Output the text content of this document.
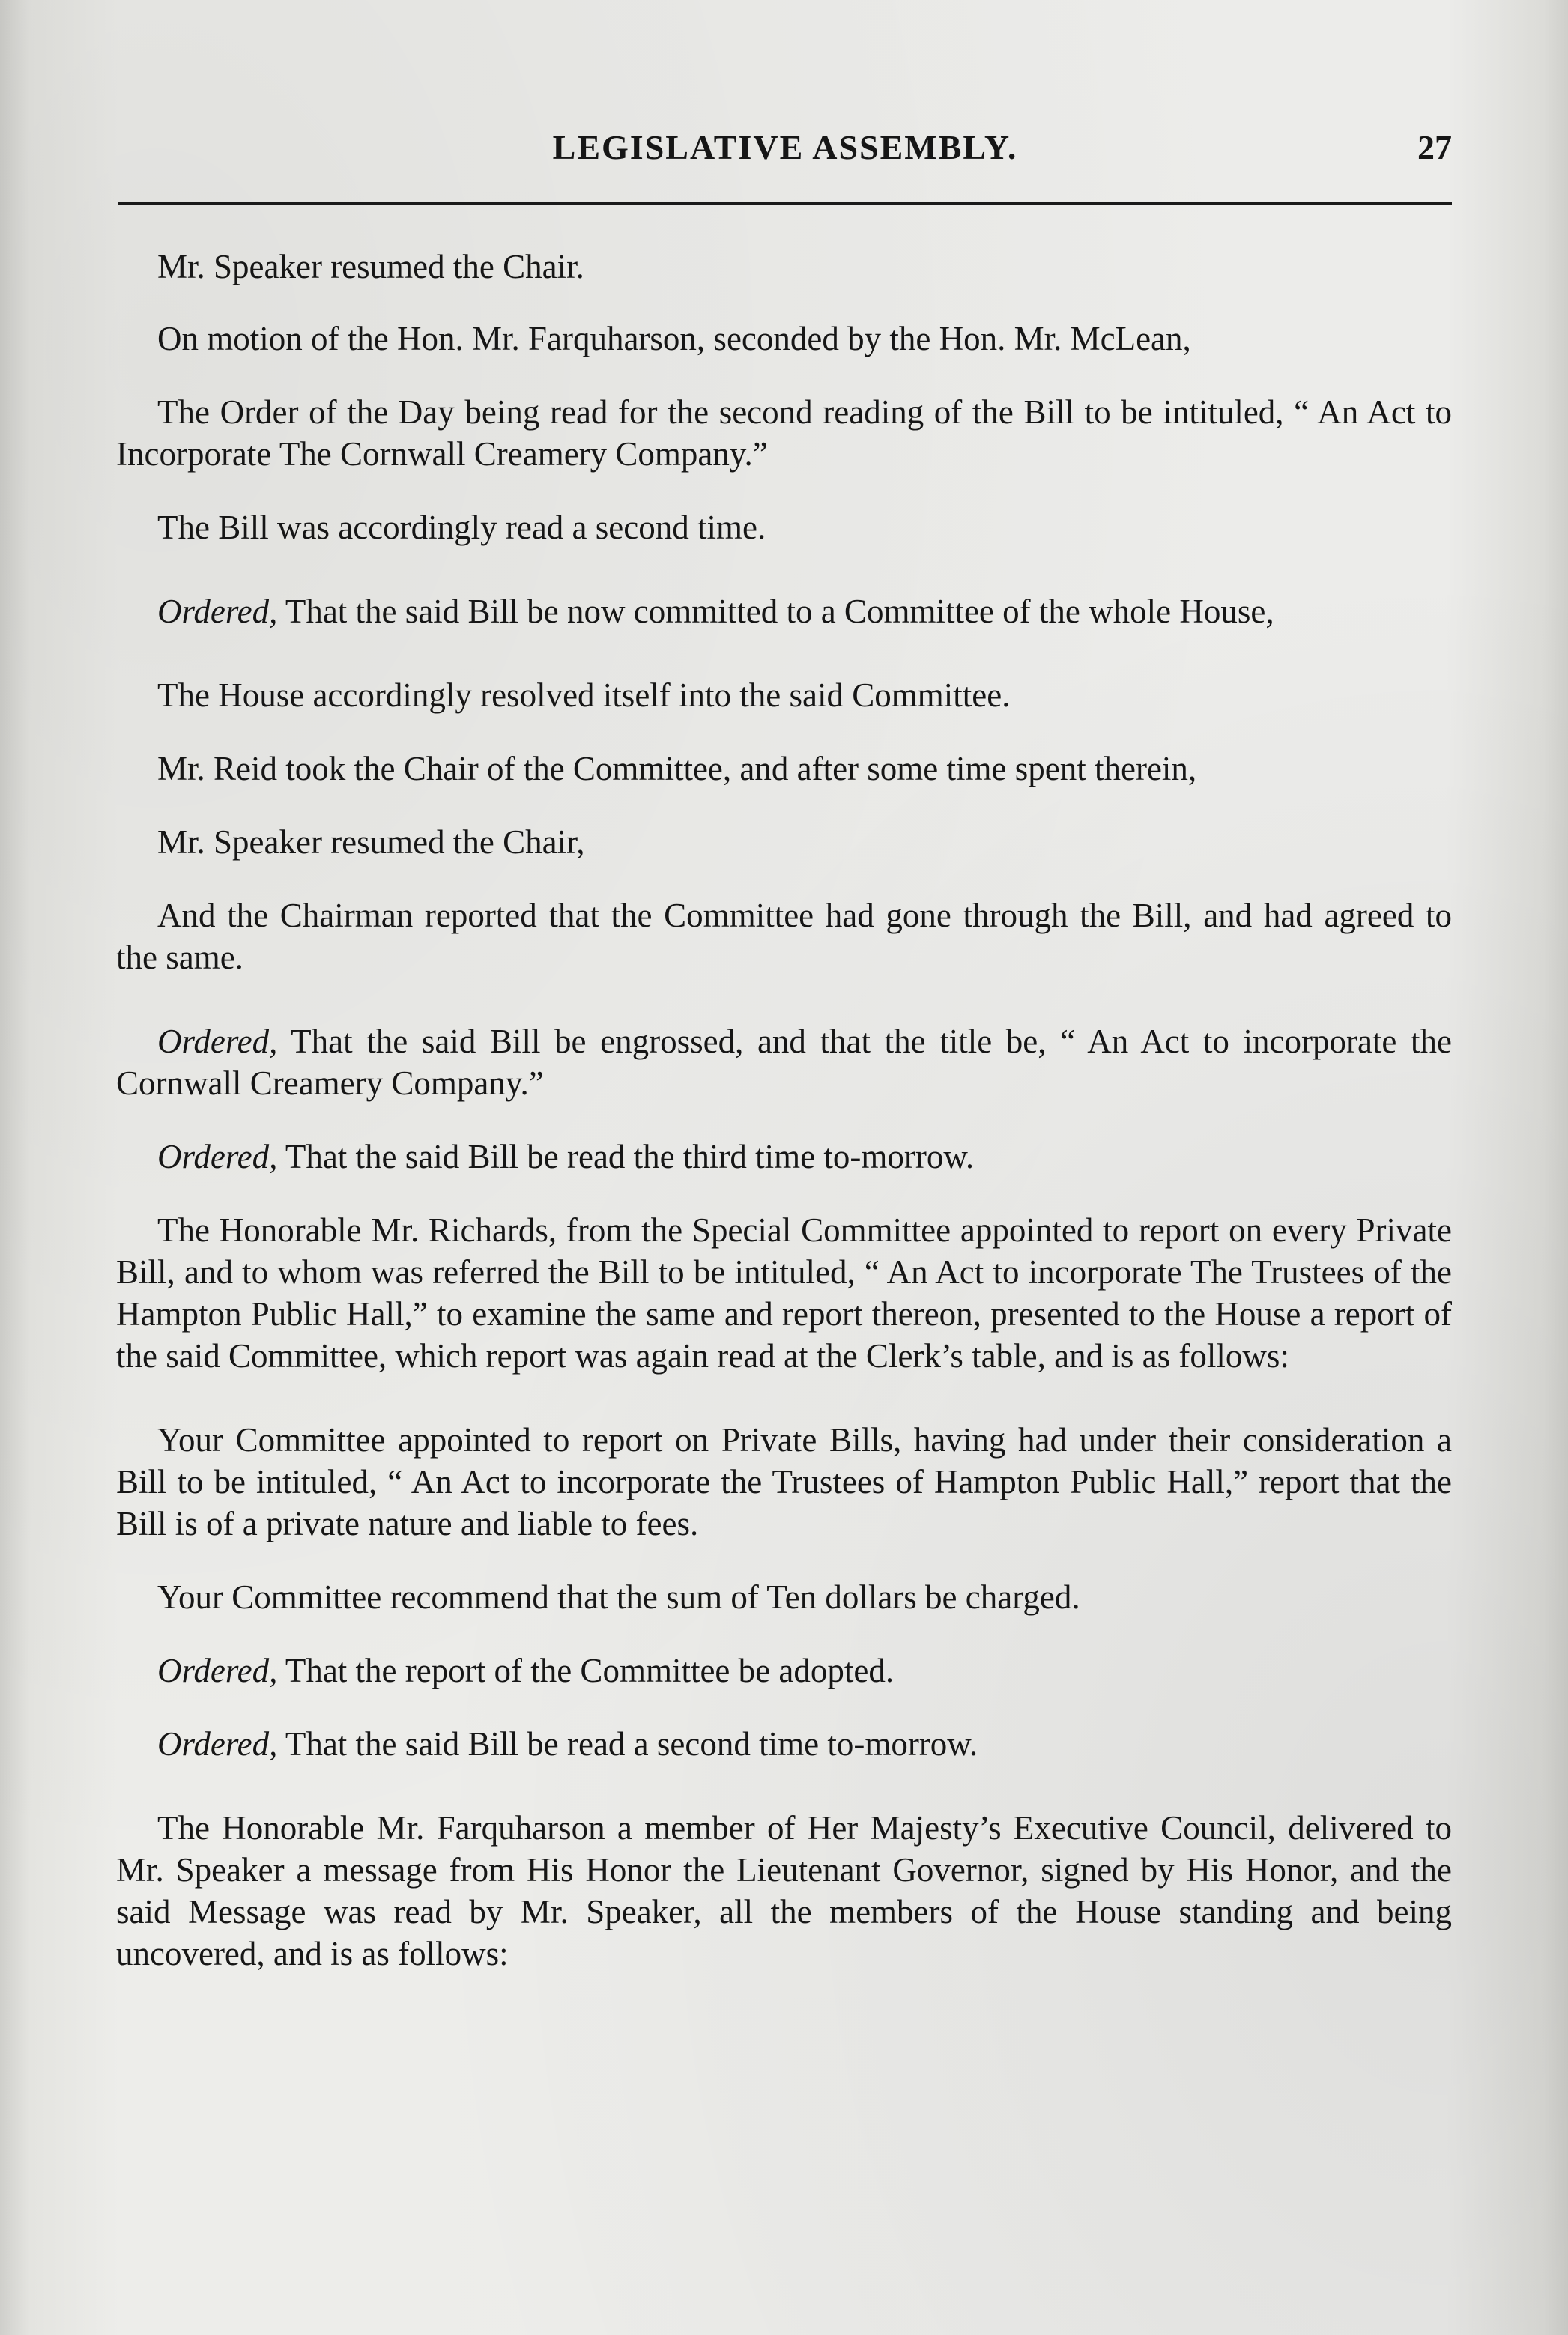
LEGISLATIVE ASSEMBLY.	27

Mr. Speaker resumed the Chair.

On motion of the Hon. Mr. Farquharson, seconded by the Hon. Mr. McLean,

The Order of the Day being read for the second reading of the Bill to be intituled, “ An Act to Incorporate The Cornwall Creamery Company.”

The Bill was accordingly read a second time.

Ordered, That the said Bill be now committed to a Committee of the whole House,

The House accordingly resolved itself into the said Committee.

Mr. Reid took the Chair of the Committee, and after some time spent therein,

Mr. Speaker resumed the Chair,

And the Chairman reported that the Committee had gone through the Bill, and had agreed to the same.

Ordered, That the said Bill be engrossed, and that the title be, “ An Act to incorporate the Cornwall Creamery Company.”

Ordered, That the said Bill be read the third time to-morrow.

The Honorable Mr. Richards, from the Special Committee appointed to report on every Private Bill, and to whom was referred the Bill to be intituled, “ An Act to incorporate The Trustees of the Hampton Public Hall,” to examine the same and report thereon, presented to the House a report of the said Committee, which report was again read at the Clerk’s table, and is as follows:

Your Committee appointed to report on Private Bills, having had under their consideration a Bill to be intituled, “ An Act to incorporate the Trustees of Hampton Public Hall,” report that the Bill is of a private nature and liable to fees.

Your Committee recommend that the sum of Ten dollars be charged.

Ordered, That the report of the Committee be adopted.

Ordered, That the said Bill be read a second time to-morrow.

The Honorable Mr. Farquharson a member of Her Majesty’s Executive Council, delivered to Mr. Speaker a message from His Honor the Lieutenant Governor, signed by His Honor, and the said Message was read by Mr. Speaker, all the members of the House standing and being uncovered, and is as follows:
